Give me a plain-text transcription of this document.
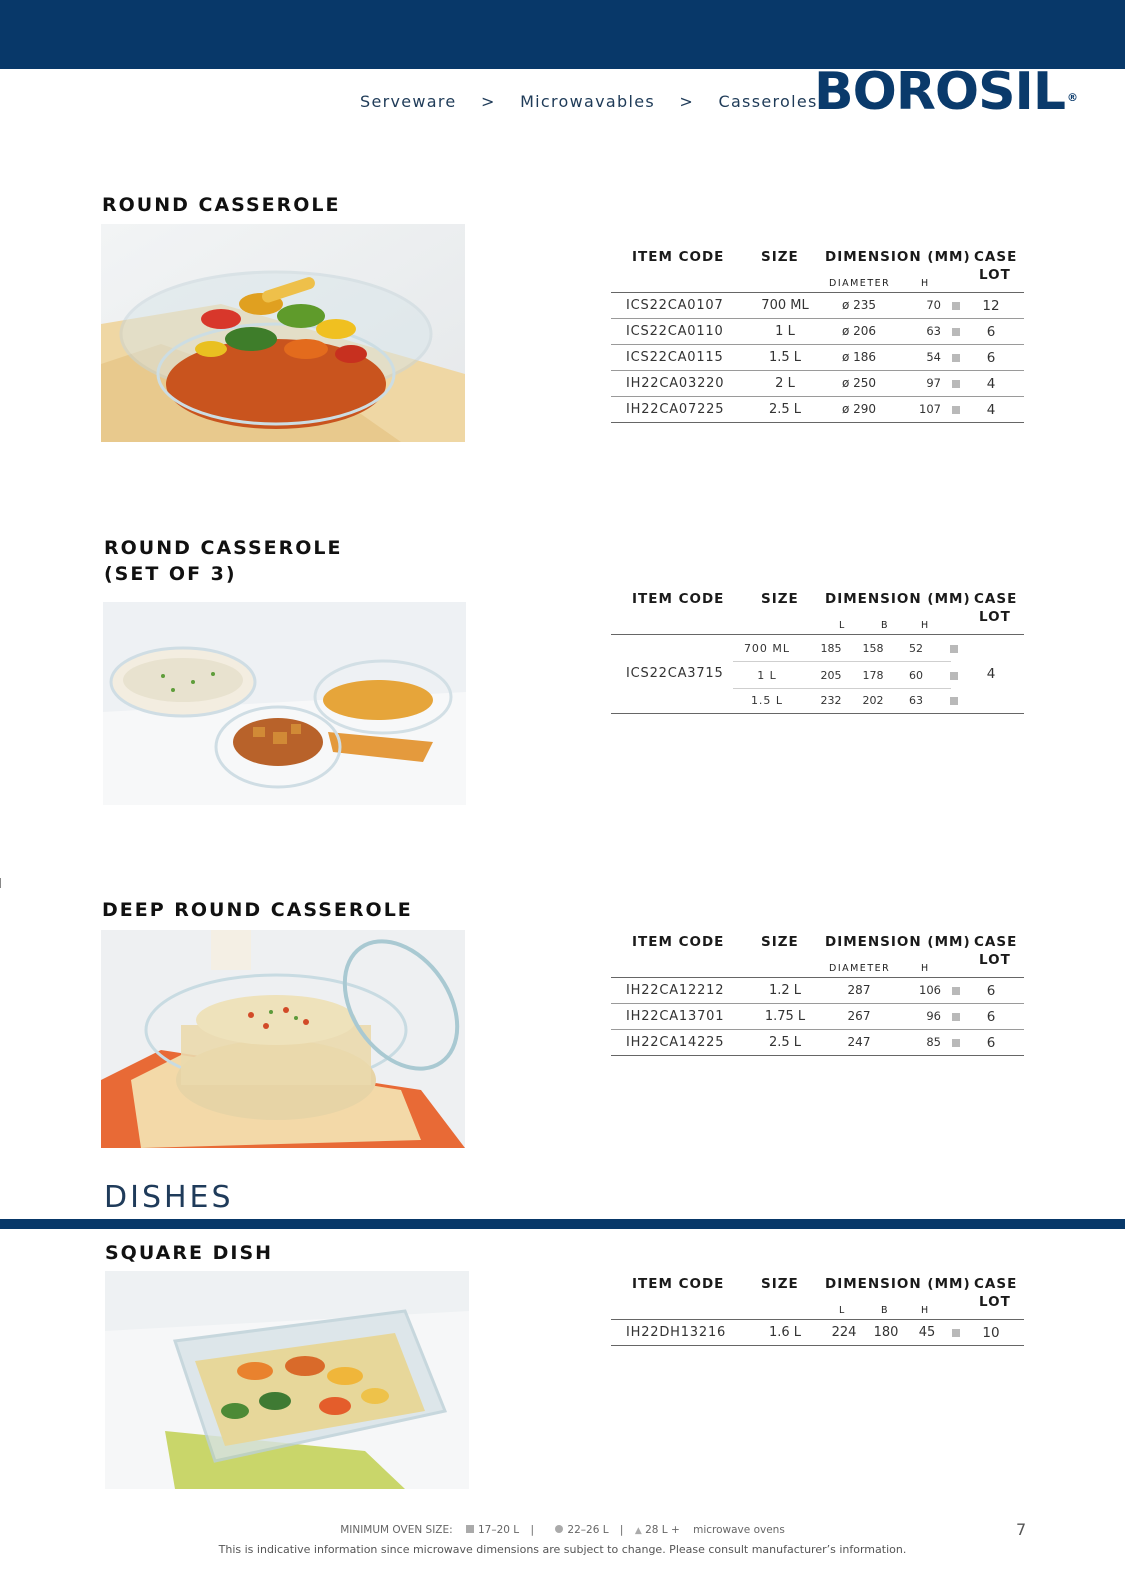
Serveware > Microwavables > Casseroles
BOROSIL ®
ROUND CASSEROLE
ITEM CODE	SIZE DIMENSION (MM) CASE
LOT
DIAMETER	H
ICS22CA0107	700 ML	ø 235	70	12
ICS22CA0110	1 L	ø 206	63	6
ICS22CA0115	1.5 L	ø 186	54	6
IH22CA03220	2 L	ø 250	97	4
IH22CA07225	2.5 L	ø 290	107	4
ROUND CASSEROLE
(SET OF 3)
ITEM CODE	SIZE DIMENSION (MM) CASE
LOT
L	B	H
ICS22CA3715
700 ML	185	158	52
1 L	205	178	60
1.5 L	232	202	63
4
DEEP ROUND CASSEROLE
ITEM CODE	SIZE DIMENSION (MM) CASE
LOT
DIAMETER	H
IH22CA12212	1.2 L	287	106	6
IH22CA13701	1.75 L	267	96	6
IH22CA14225	2.5 L	247	85	6
DISHES
SQUARE DISH
ITEM CODE	SIZE DIMENSION (MM) CASE
LOT
L	B	H
IH22DH13216	1.6 L	224 180	45	10
MINIMUM OVEN SIZE: 17–20 L |	22–26 L | ▲ 28 L + microwave ovens
This is indicative information since microwave dimensions are subject to change. Please consult manufacturer’s information.
7
